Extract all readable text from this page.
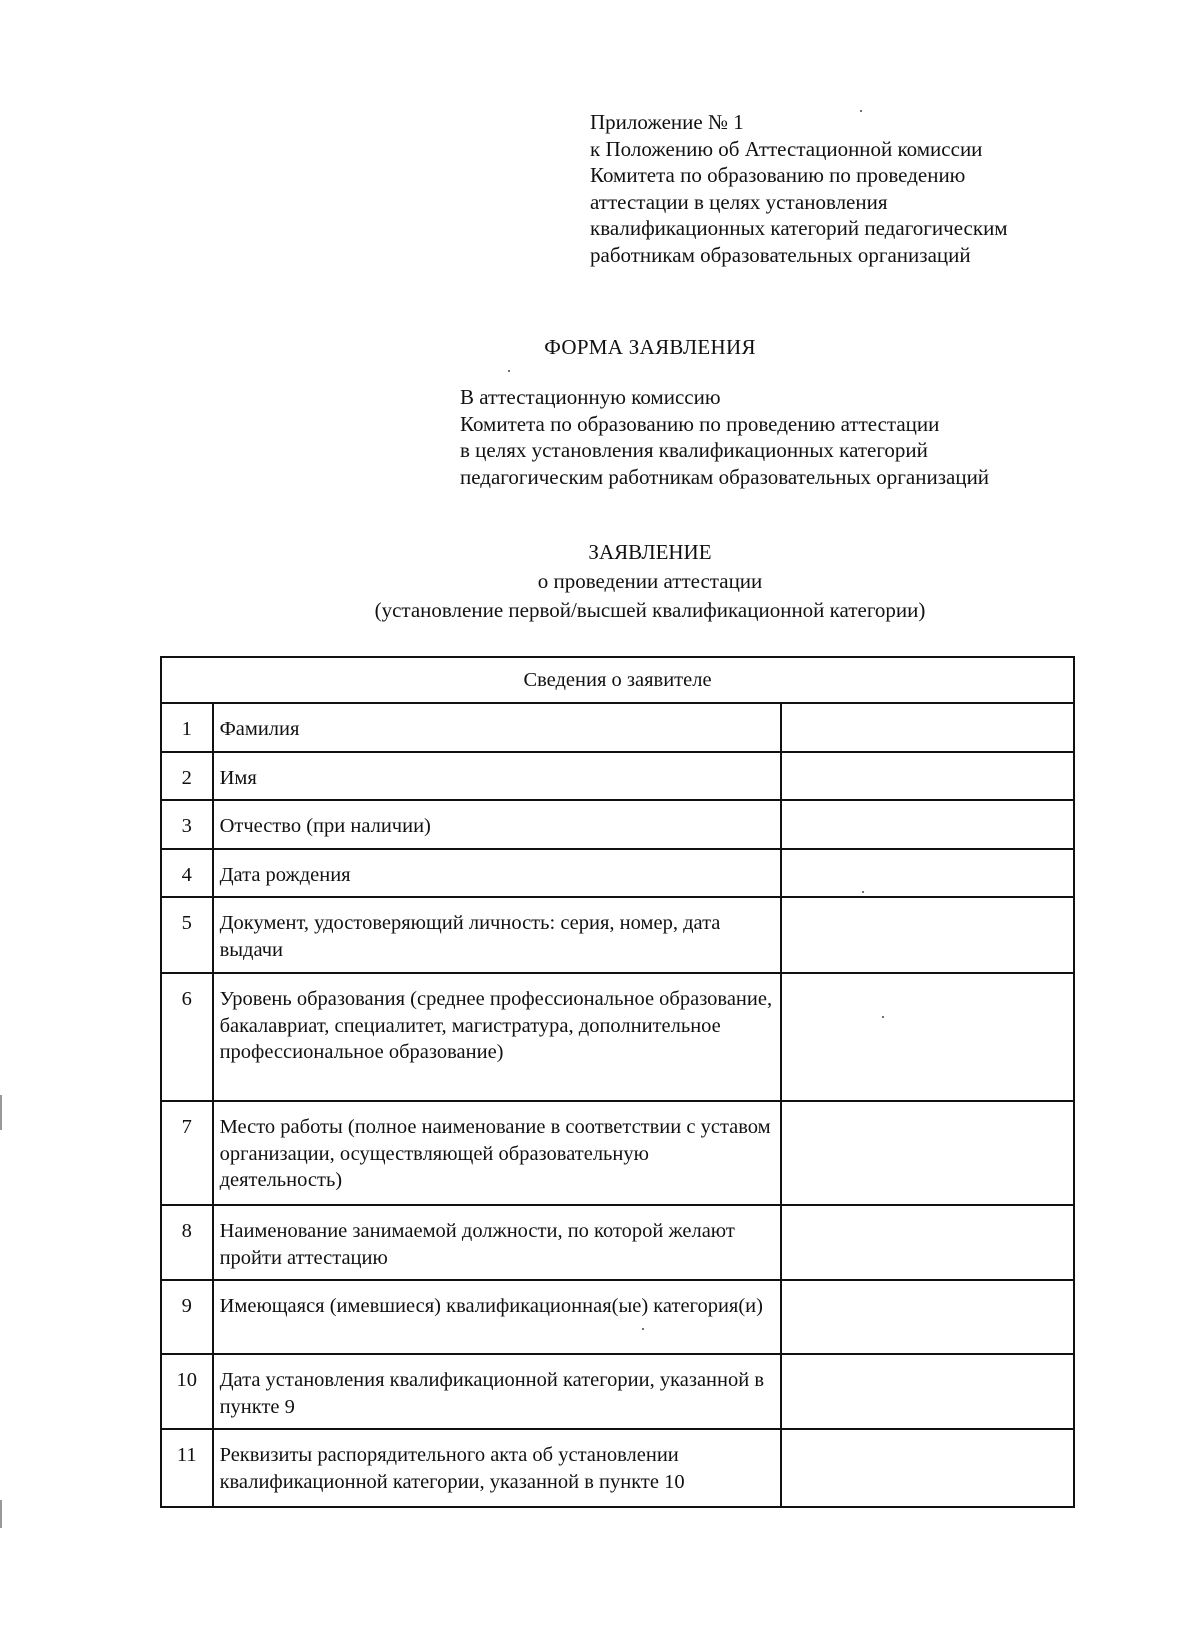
Приложение № 1
к Положению об Аттестационной комиссии
Комитета по образованию по проведению
аттестации в целях установления
квалификационных категорий педагогическим
работникам образовательных организаций
ФОРМА ЗАЯВЛЕНИЯ
В аттестационную комиссию
Комитета по образованию по проведению аттестации
в целях установления квалификационных категорий
педагогическим работникам образовательных организаций
ЗАЯВЛЕНИЕ
о проведении аттестации
(установление первой/высшей квалификационной категории)
Сведения о заявителе		
1	Фамилия	
2	Имя	
3	Отчество (при наличии)	
4	Дата рождения	
5	Документ, удостоверяющий личность: серия, номер, дата выдачи	
6	Уровень образования (среднее профессиональное образование, бакалавриат, специалитет, магистратура, дополнительное профессиональное образование)	
7	Место работы (полное наименование в соответствии с уставом организации, осуществляющей образовательную деятельность)	
8	Наименование занимаемой должности, по которой желают пройти аттестацию	
9	Имеющаяся (имевшиеся) квалификационная(ые) категория(и)	
10	Дата установления квалификационной категории, указанной в пункте 9	
11	Реквизиты распорядительного акта об установлении квалификационной категории, указанной в пункте 10	
